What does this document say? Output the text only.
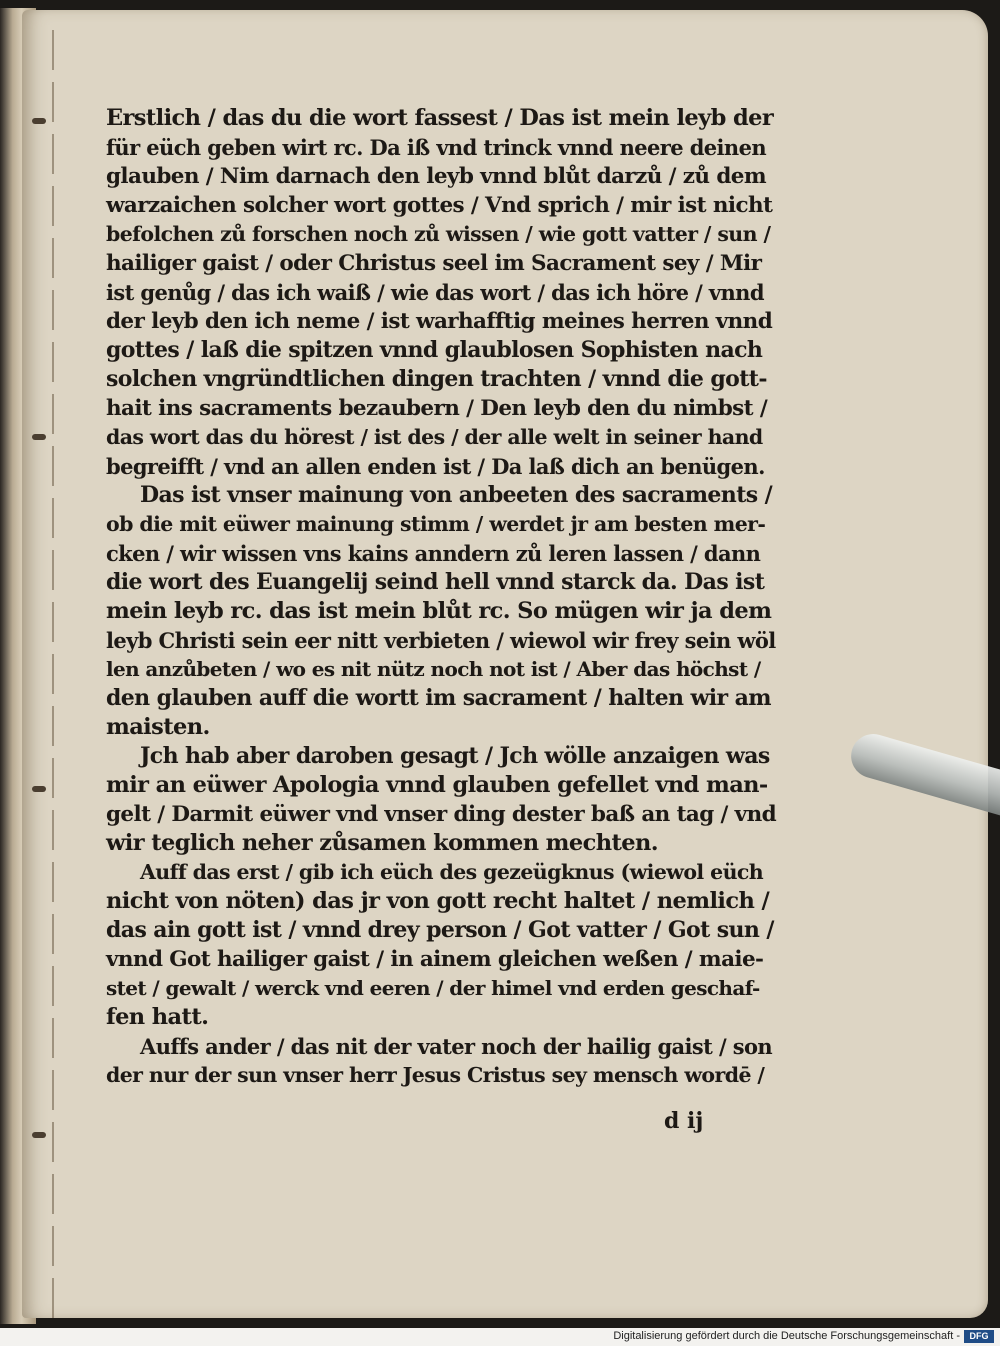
Erstlich / das du die wort fassest / Das ist mein leyb der
für eüch geben wirt rc. Da iß vnd trinck vnnd neere deinen
glauben / Nim darnach den leyb vnnd blůt darzů / zů dem
warzaichen solcher wort gottes / Vnd sprich / mir ist nicht
befolchen zů forschen noch zů wissen / wie gott vatter / sun /
hailiger gaist / oder Christus seel im Sacrament sey / Mir
ist genůg / das ich waiß / wie das wort / das ich höre / vnnd
der leyb den ich neme / ist warhafftig meines herren vnnd
gottes / laß die spitzen vnnd glaublosen Sophisten nach
solchen vngründtlichen dingen trachten / vnnd die gott-
hait ins sacraments bezaubern / Den leyb den du nimbst /
das wort das du hörest / ist des / der alle welt in seiner hand
begreifft / vnd an allen enden ist / Da laß dich an benügen.
Das ist vnser mainung von anbeeten des sacraments /
ob die mit eüwer mainung stimm / werdet jr am besten mer-
cken / wir wissen vns kains anndern zů leren lassen / dann
die wort des Euangelij seind hell vnnd starck da. Das ist
mein leyb rc. das ist mein blůt rc. So mügen wir ja dem
leyb Christi sein eer nitt verbieten / wiewol wir frey sein wöl
len anzůbeten / wo es nit nütz noch not ist / Aber das höchst /
den glauben auff die wortt im sacrament / halten wir am
maisten.
Jch hab aber daroben gesagt / Jch wölle anzaigen was
mir an eüwer Apologia vnnd glauben gefellet vnd man-
gelt / Darmit eüwer vnd vnser ding dester baß an tag / vnd
wir teglich neher zůsamen kommen mechten.
Auff das erst / gib ich eüch des gezeügknus (wiewol eüch
nicht von nöten) das jr von gott recht haltet / nemlich /
das ain gott ist / vnnd drey person / Got vatter / Got sun /
vnnd Got hailiger gaist / in ainem gleichen weßen / maie-
stet / gewalt / werck vnd eeren / der himel vnd erden geschaf-
fen hatt.
Auffs ander / das nit der vater noch der hailig gaist / son
der nur der sun vnser herr Jesus Cristus sey mensch wordē /
d ij
Digitalisierung gefördert durch die Deutsche Forschungsgemeinschaft -	DFG
